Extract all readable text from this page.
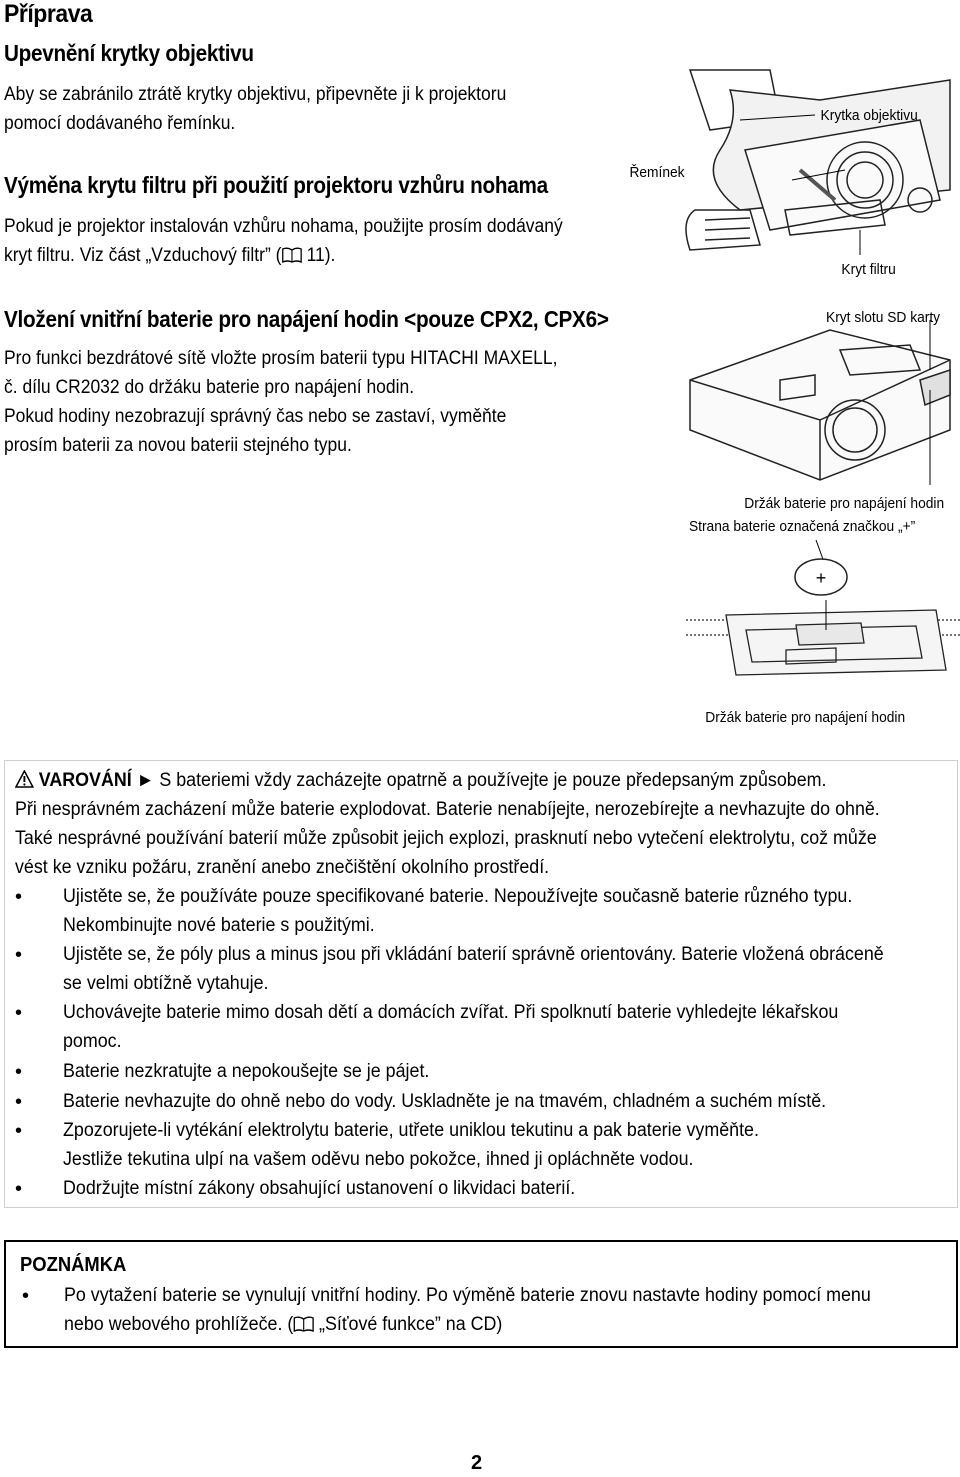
Příprava
Upevnění krytky objektivu
Aby se zabránilo ztrátě krytky objektivu, připevněte ji k projektoru
pomocí dodávaného řemínku.
Výměna krytu filtru při použití projektoru vzhůru nohama
Pokud je projektor instalován vzhůru nohama, použijte prosím dodávaný
kryt filtru. Viz část „Vzduchový filtr” ( 11).
Vložení vnitřní baterie pro napájení hodin <pouze CPX2, CPX6>
Pro funkci bezdrátové sítě vložte prosím baterii typu HITACHI MAXELL,
č. dílu CR2032 do držáku baterie pro napájení hodin.
Pokud hodiny nezobrazují správný čas nebo se zastaví, vyměňte
prosím baterii za novou baterii stejného typu.
Řemínek
Krytka objektivu
Kryt filtru
Kryt slotu SD karty
Držák baterie pro napájení hodin
Strana baterie označená značkou „+”
+
Držák baterie pro napájení hodin
VAROVÁNÍ ► S bateriemi vždy zacházejte opatrně a používejte je pouze předepsaným způsobem.
Při nesprávném zacházení může baterie explodovat. Baterie nenabíjejte, nerozebírejte a nevhazujte do ohně.
Také nesprávné používání baterií může způsobit jejich explozi, prasknutí nebo vytečení elektrolytu, což může
vést ke vzniku požáru, zranění anebo znečištění okolního prostředí.
• Ujistěte se, že používáte pouze specifikované baterie. Nepoužívejte současně baterie různého typu.
Nekombinujte nové baterie s použitými.
• Ujistěte se, že póly plus a minus jsou při vkládání baterií správně orientovány. Baterie vložená obráceně
se velmi obtížně vytahuje.
• Uchovávejte baterie mimo dosah dětí a domácích zvířat. Při spolknutí baterie vyhledejte lékařskou
pomoc.
• Baterie nezkratujte a nepokoušejte se je pájet.
• Baterie nevhazujte do ohně nebo do vody. Uskladněte je na tmavém, chladném a suchém místě.
• Zpozorujete-li vytékání elektrolytu baterie, utřete uniklou tekutinu a pak baterie vyměňte.
Jestliže tekutina ulpí na vašem oděvu nebo pokožce, ihned ji opláchněte vodou.
• Dodržujte místní zákony obsahující ustanovení o likvidaci baterií.
POZNÁMKA
• Po vytažení baterie se vynulují vnitřní hodiny. Po výměně baterie znovu nastavte hodiny pomocí menu
nebo webového prohlížeče. ( „Síťové funkce” na CD)
2
